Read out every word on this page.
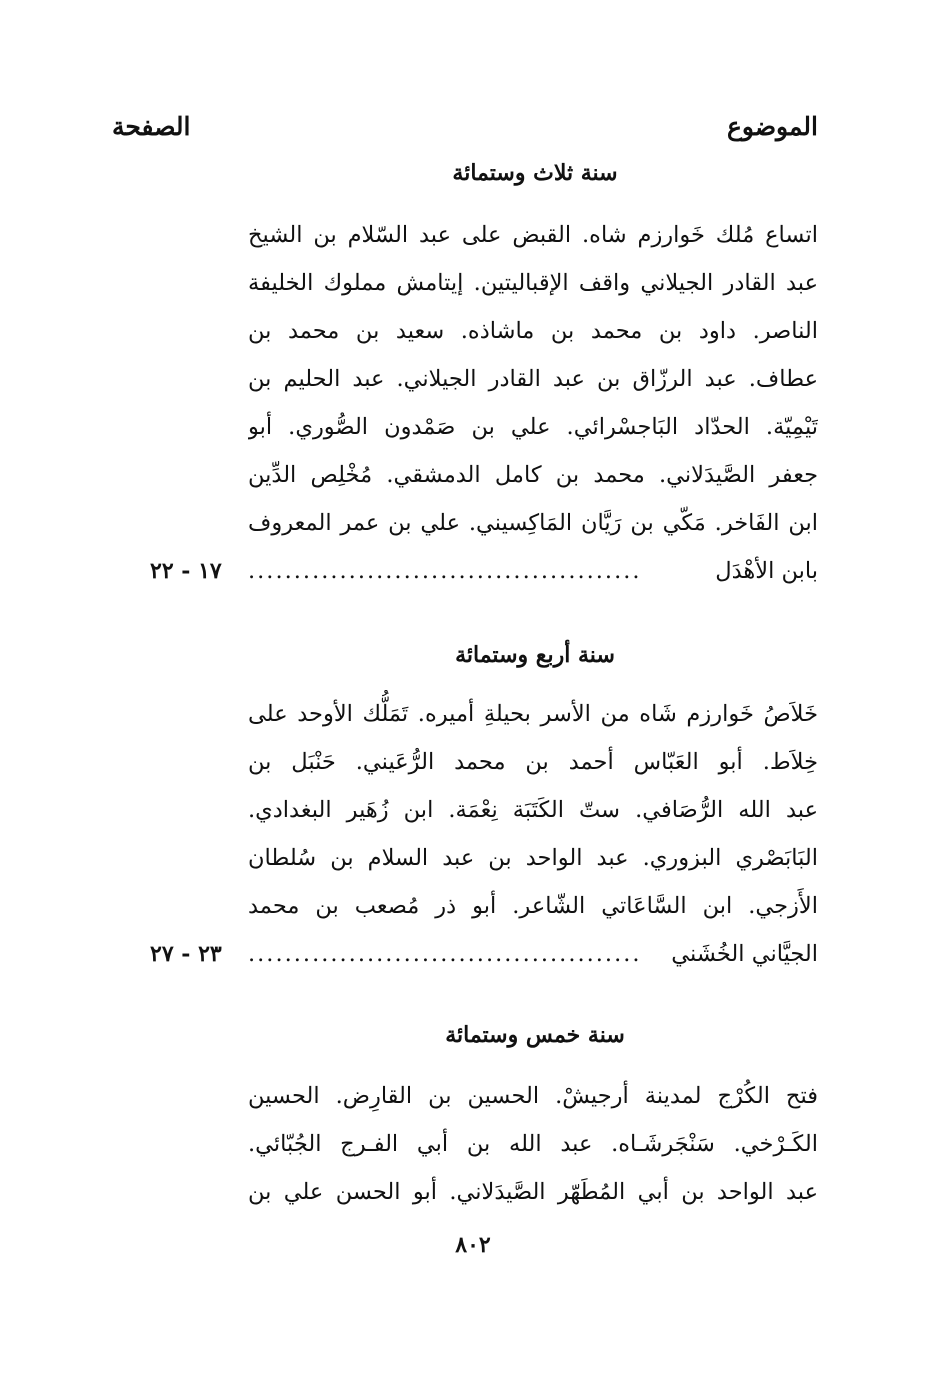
الموضوع
الصفحة
سنة ثلاث وستمائة
اتساع مُلك خَوارزم شاه. القبض على عبد السّلام بن الشيخ
عبد القادر الجيلاني واقف الإقباليتين. إيتامش مملوك الخليفة
الناصر. داود بن محمد بن ماشاذه. سعيد بن محمد بن
عطاف. عبد الرزّاق بن عبد القادر الجيلاني. عبد الحليم بن
تَيْمِيّة. الحدّاد البَاجسْرائي. علي بن صَمْدون الصُّوري. أبو
جعفر الصَّيدَلاني. محمد بن كامل الدمشقي. مُخْلِص الدِّين
ابن الفَاخر. مَكّي بن رَيَّان المَاكِسيني. علي بن عمر المعروف
بابن الأهْدَل
...........................................
١٧ - ٢٢
سنة أربع وستمائة
خَلاَصُ خَوارزم شَاه من الأسر بحيلةِ أميره. تَمَلُّك الأوحد على
خِلاَط. أبو العَبّاس أحمد بن محمد الرُّعَيني. حَنْبَل بن
عبد الله الرُّصَافي. ستّ الكَتَبَة نِعْمَة. ابن زُهَير البغدادي.
البَابَصْري البزوري. عبد الواحد بن عبد السلام بن سُلطان
الأَزجي. ابن السَّاعَاتي الشّاعر. أبو ذر مُصعب بن محمد
الجيَّاني الخُشَني
...........................................
٢٣ - ٢٧
سنة خمس وستمائة
فتح الكُرْج لمدينة أرجيشْ. الحسين بن القارِض. الحسين
الكَـرْخي. سَنْجَرشَـاه. عبد الله بن أبي الفـرج الجُبّائي.
عبد الواحد بن أبي المُطَهّر الصَّيدَلاني. أبو الحسن علي بن
٨٠٢
